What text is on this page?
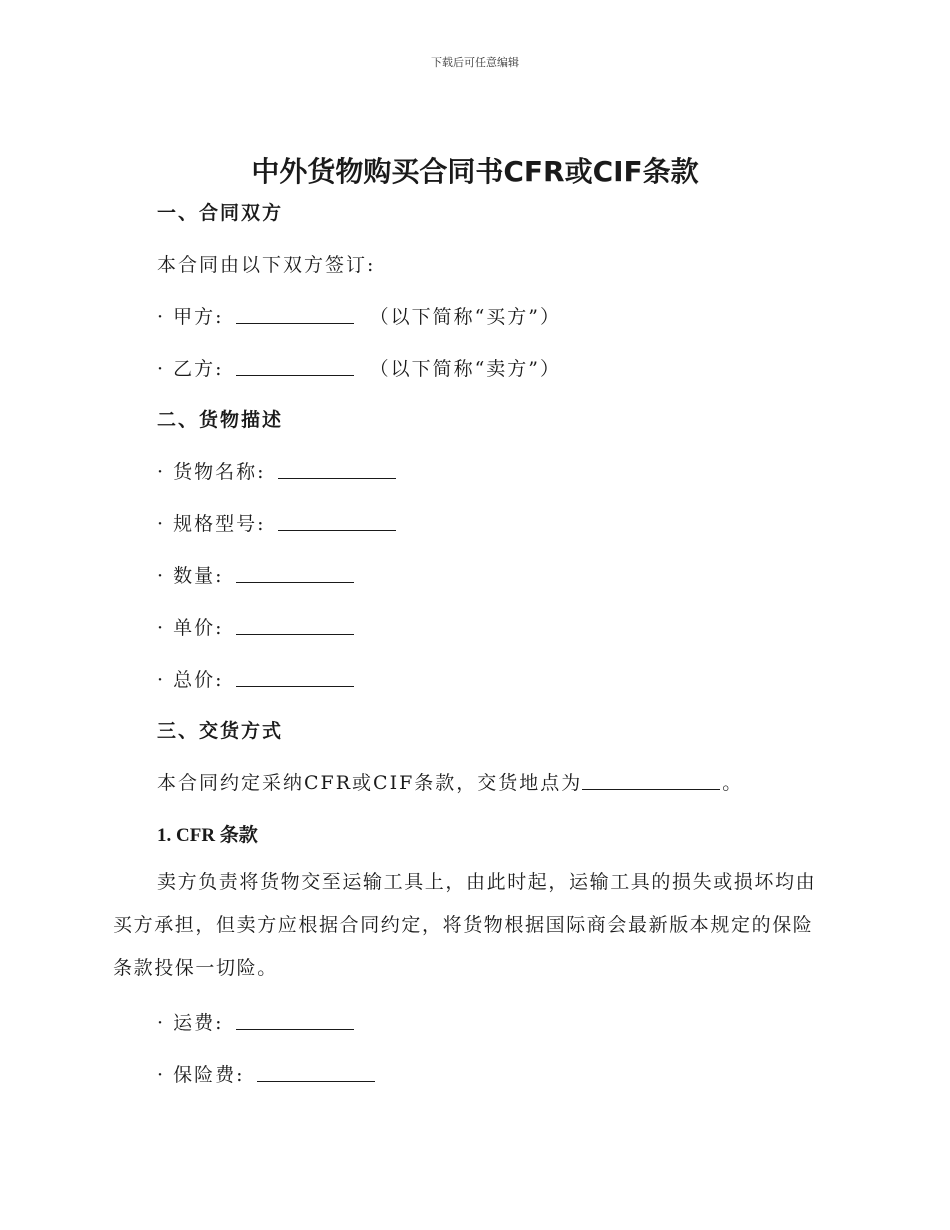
下载后可任意编辑
中外货物购买合同书CFR或CIF条款
一、合同双方
本合同由以下双方签订:
· 甲方:	（以下简称“买方”）
· 乙方:	（以下简称“卖方”）
二、货物描述
· 货物名称:
· 规格型号:
· 数量:
· 单价:
· 总价:
三、交货方式
本合同约定采纳CFR或CIF条款，交货地点为	。
1. CFR 条款

卖方负责将货物交至运输工具上，由此时起，运输工具的损失或损坏均由买方承担，但卖方应根据合同约定，将货物根据国际商会最新版本规定的保险条款投保一切险。

· 运费:
· 保险费:
